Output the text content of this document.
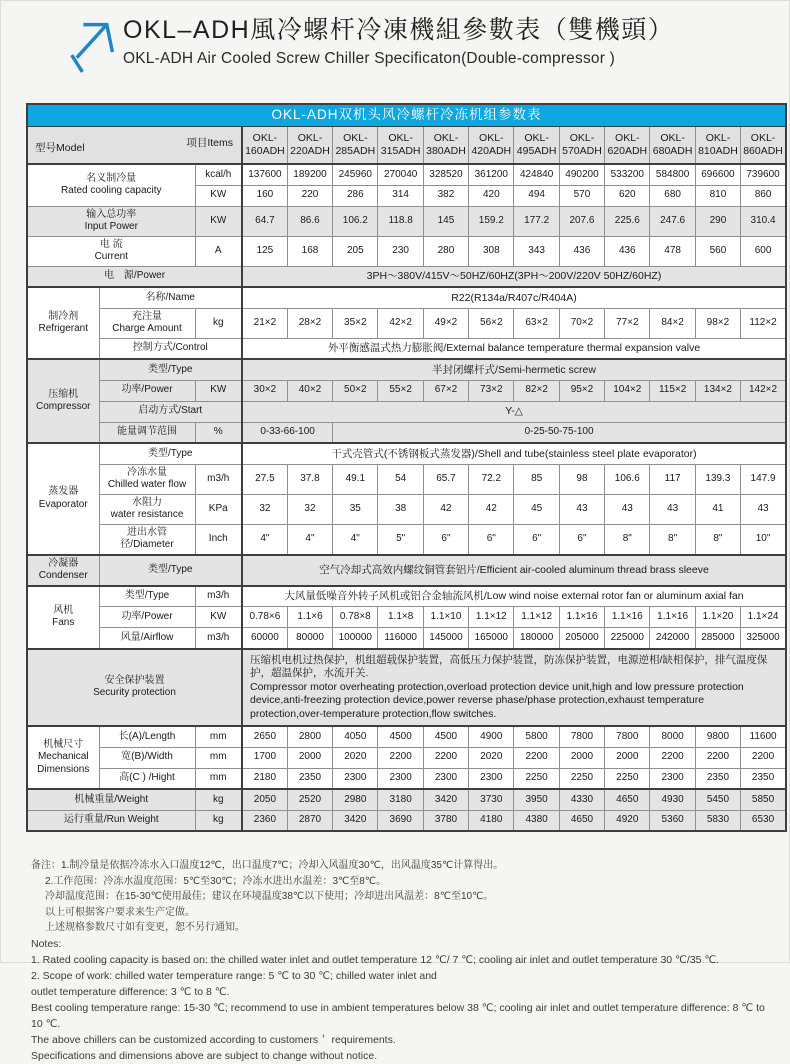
OKL–ADH風冷螺杆冷凍機組參數表（雙機頭）
OKL-ADH Air Cooled Screw Chiller Specificaton(Double-compressor )
OKL-ADH双机头风冷螺杆冷冻机组参数表														

型号Model	项目Items	OKL-
160ADH

OKL-
220ADH

OKL-
285ADH

OKL-
315ADH

OKL-
380ADH

OKL-
420ADH

OKL-
495ADH

OKL-
570ADH

OKL-
620ADH

OKL-
680ADH

OKL-
810ADH

OKL-
860ADH

名义制冷量
Rated cooling capacity		kcal/h	137600	189200	245960	270040	328520	361200	424840	490200	533200	584800	696600	739600

		KW	160	220	286	314	382	420	494	570	620	680	810	860

输入总功率
Input Power		KW	64.7	86.6	106.2	118.8	145	159.2	177.2	207.6	225.6	247.6	290	310.4

电 流
Current		A	125	168	205	230	280	308	343	436	436	478	560	600

电　源/Power			3PH～380V/415V～50HZ/60HZ(3PH～200V/220V 50HZ/60HZ)											

制冷剂
Refrigerant	名称/Name		R22(R134a/R407c/R404A)											

	充注量
Charge Amount	kg	21×2	28×2	35×2	42×2	49×2	56×2	63×2	70×2	77×2	84×2	98×2	112×2

	控制方式/Control		外平衡感温式热力膨胀阀/External balance temperature thermal expansion valve											

压缩机
Compressor	类型/Type		半封闭螺杆式/Semi-hermetic screw											

	功率/Power	KW	30×2	40×2	50×2	55×2	67×2	73×2	82×2	95×2	104×2	115×2	134×2	142×2

	启动方式/Start		Y-△											

	能量调节范围	%	0-33-66-100		0-25-50-75-100									

蒸发器
Evaporator	类型/Type		干式壳管式(不锈钢板式蒸发器)/Shell and tube(stainless steel plate evaporator)											

	冷冻水量
Chilled water flow	m3/h	27.5	37.8	49.1	54	65.7	72.2	85	98	106.6	117	139.3	147.9

	水阻力
water resistance	KPa	32	32	35	38	42	42	45	43	43	43	41	43

	进出水管径/Diameter	Inch	4"	4"	4"	5"	6"	6"	6"	6"	8"	8"	8"	10"

冷凝器
Condenser	类型/Type		空气冷却式高效内螺纹铜管套铝片/Efficient air-cooled aluminum thread brass sleeve											

风机
Fans	类型/Type	m3/h	大风量低噪音外转子风机或铝合金轴流风机/Low wind noise external rotor fan or aluminum axial fan											

	功率/Power	KW	0.78×6	1.1×6	0.78×8	1.1×8	1.1×10	1.1×12	1.1×12	1.1×16	1.1×16	1.1×16	1.1×20	1.1×24

	风量/Airflow	m3/h	60000	80000	100000	116000	145000	165000	180000	205000	225000	242000	285000	325000

安全保护装置
Security protection

压缩机电机过热保护，机组超载保护装置，高低压力保护装置，防冻保护装置，电源逆相/缺相保护，排气温度保护，超温保护，水流开关.
Compressor motor overheating protection,overload protection device unit,high and low pressure protection device,anti-freezing protection device,power reverse phase/phase protection,exhaust temperature protection,over-temperature protection,flow switches.

机械尺寸
Mechanical
Dimensions	长(A)/Length	mm	2650	2800	4050	4500	4500	4900	5800	7800	7800	8000	9800	11600

	宽(B)/Width	mm	1700	2000	2020	2200	2200	2020	2200	2000	2000	2200	2200	2200

	高(C ) /Hight	mm	2180	2350	2300	2300	2300	2300	2250	2250	2250	2300	2350	2350

机械重量/Weight		kg	2050	2520	2980	3180	3420	3730	3950	4330	4650	4930	5450	5850

运行重量/Run Weight		kg	2360	2870	3420	3690	3780	4180	4380	4650	4920	5360	5830	6530
备注：1.制冷量是依据冷冻水入口温度12℃，出口温度7℃；冷却入风温度30℃，出风温度35℃计算得出。
2.工作范围：冷冻水温度范围：5℃至30℃；冷冻水进出水温差：3℃至8℃。
冷却温度范围：在15-30℃使用最佳；建议在环境温度38℃以下使用；冷却进出风温差：8℃至10℃。
以上可根据客户要求来生产定做。
上述规格参数尺寸如有变更，恕不另行通知。
Notes:
1. Rated cooling capacity is based on: the chilled water inlet and outlet temperature 12 ℃/ 7 ℃; cooling air inlet and outlet temperature 30 ℃/35 ℃.
2. Scope of work: chilled water temperature range: 5 ℃ to 30 ℃; chilled water inlet and
outlet temperature difference: 3 ℃ to 8 ℃.
Best cooling temperature range: 15-30 ℃; recommend to use in ambient temperatures below 38 ℃; cooling air inlet and outlet temperature difference: 8 ℃ to 10 ℃.
The above chillers can be customized according to customers＇ requirements.
Specifications and dimensions above are subject to change without notice.
